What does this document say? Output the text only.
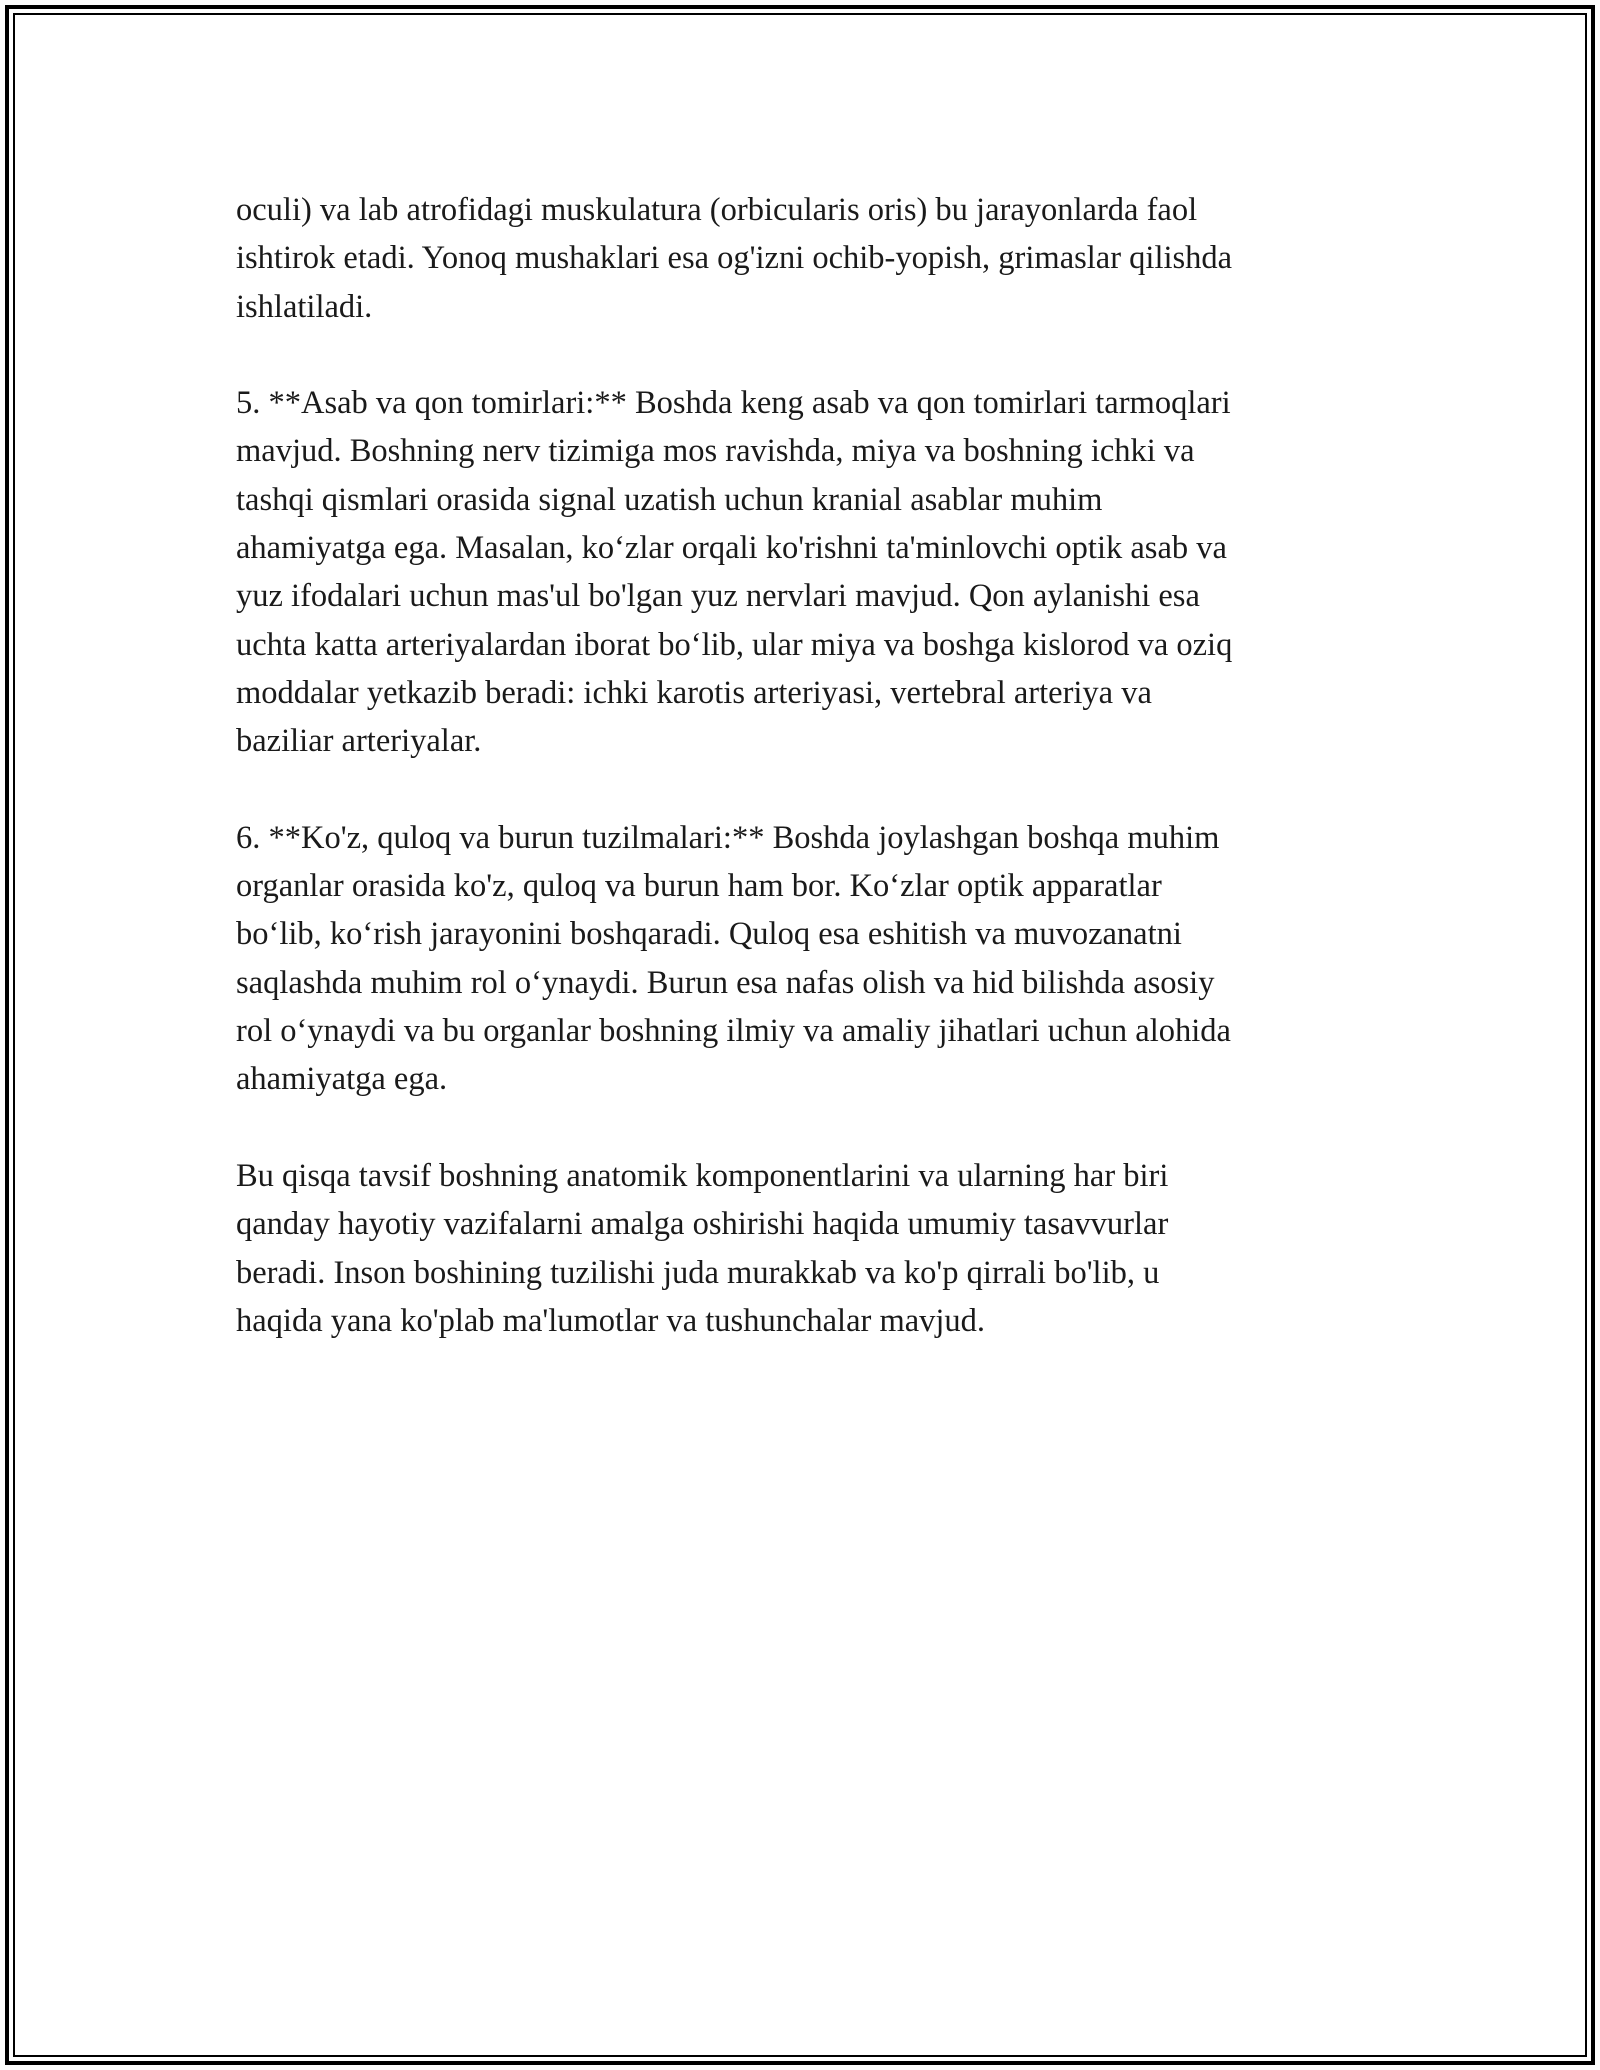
oculi) va lab atrofidagi muskulatura (orbicularis oris) bu jarayonlarda faol
ishtirok etadi. Yonoq mushaklari esa og'izni ochib-yopish, grimaslar qilishda
ishlatiladi.

5. **Asab va qon tomirlari:** Boshda keng asab va qon tomirlari tarmoqlari
mavjud. Boshning nerv tizimiga mos ravishda, miya va boshning ichki va
tashqi qismlari orasida signal uzatish uchun kranial asablar muhim
ahamiyatga ega. Masalan, ko‘zlar orqali ko'rishni ta'minlovchi optik asab va
yuz ifodalari uchun mas'ul bo'lgan yuz nervlari mavjud. Qon aylanishi esa
uchta katta arteriyalardan iborat bo‘lib, ular miya va boshga kislorod va oziq
moddalar yetkazib beradi: ichki karotis arteriyasi, vertebral arteriya va
baziliar arteriyalar.

6. **Ko'z, quloq va burun tuzilmalari:** Boshda joylashgan boshqa muhim
organlar orasida ko'z, quloq va burun ham bor. Ko‘zlar optik apparatlar
bo‘lib, ko‘rish jarayonini boshqaradi. Quloq esa eshitish va muvozanatni
saqlashda muhim rol o‘ynaydi. Burun esa nafas olish va hid bilishda asosiy
rol o‘ynaydi va bu organlar boshning ilmiy va amaliy jihatlari uchun alohida
ahamiyatga ega.

Bu qisqa tavsif boshning anatomik komponentlarini va ularning har biri
qanday hayotiy vazifalarni amalga oshirishi haqida umumiy tasavvurlar
beradi. Inson boshining tuzilishi juda murakkab va ko'p qirrali bo'lib, u
haqida yana ko'plab ma'lumotlar va tushunchalar mavjud.
